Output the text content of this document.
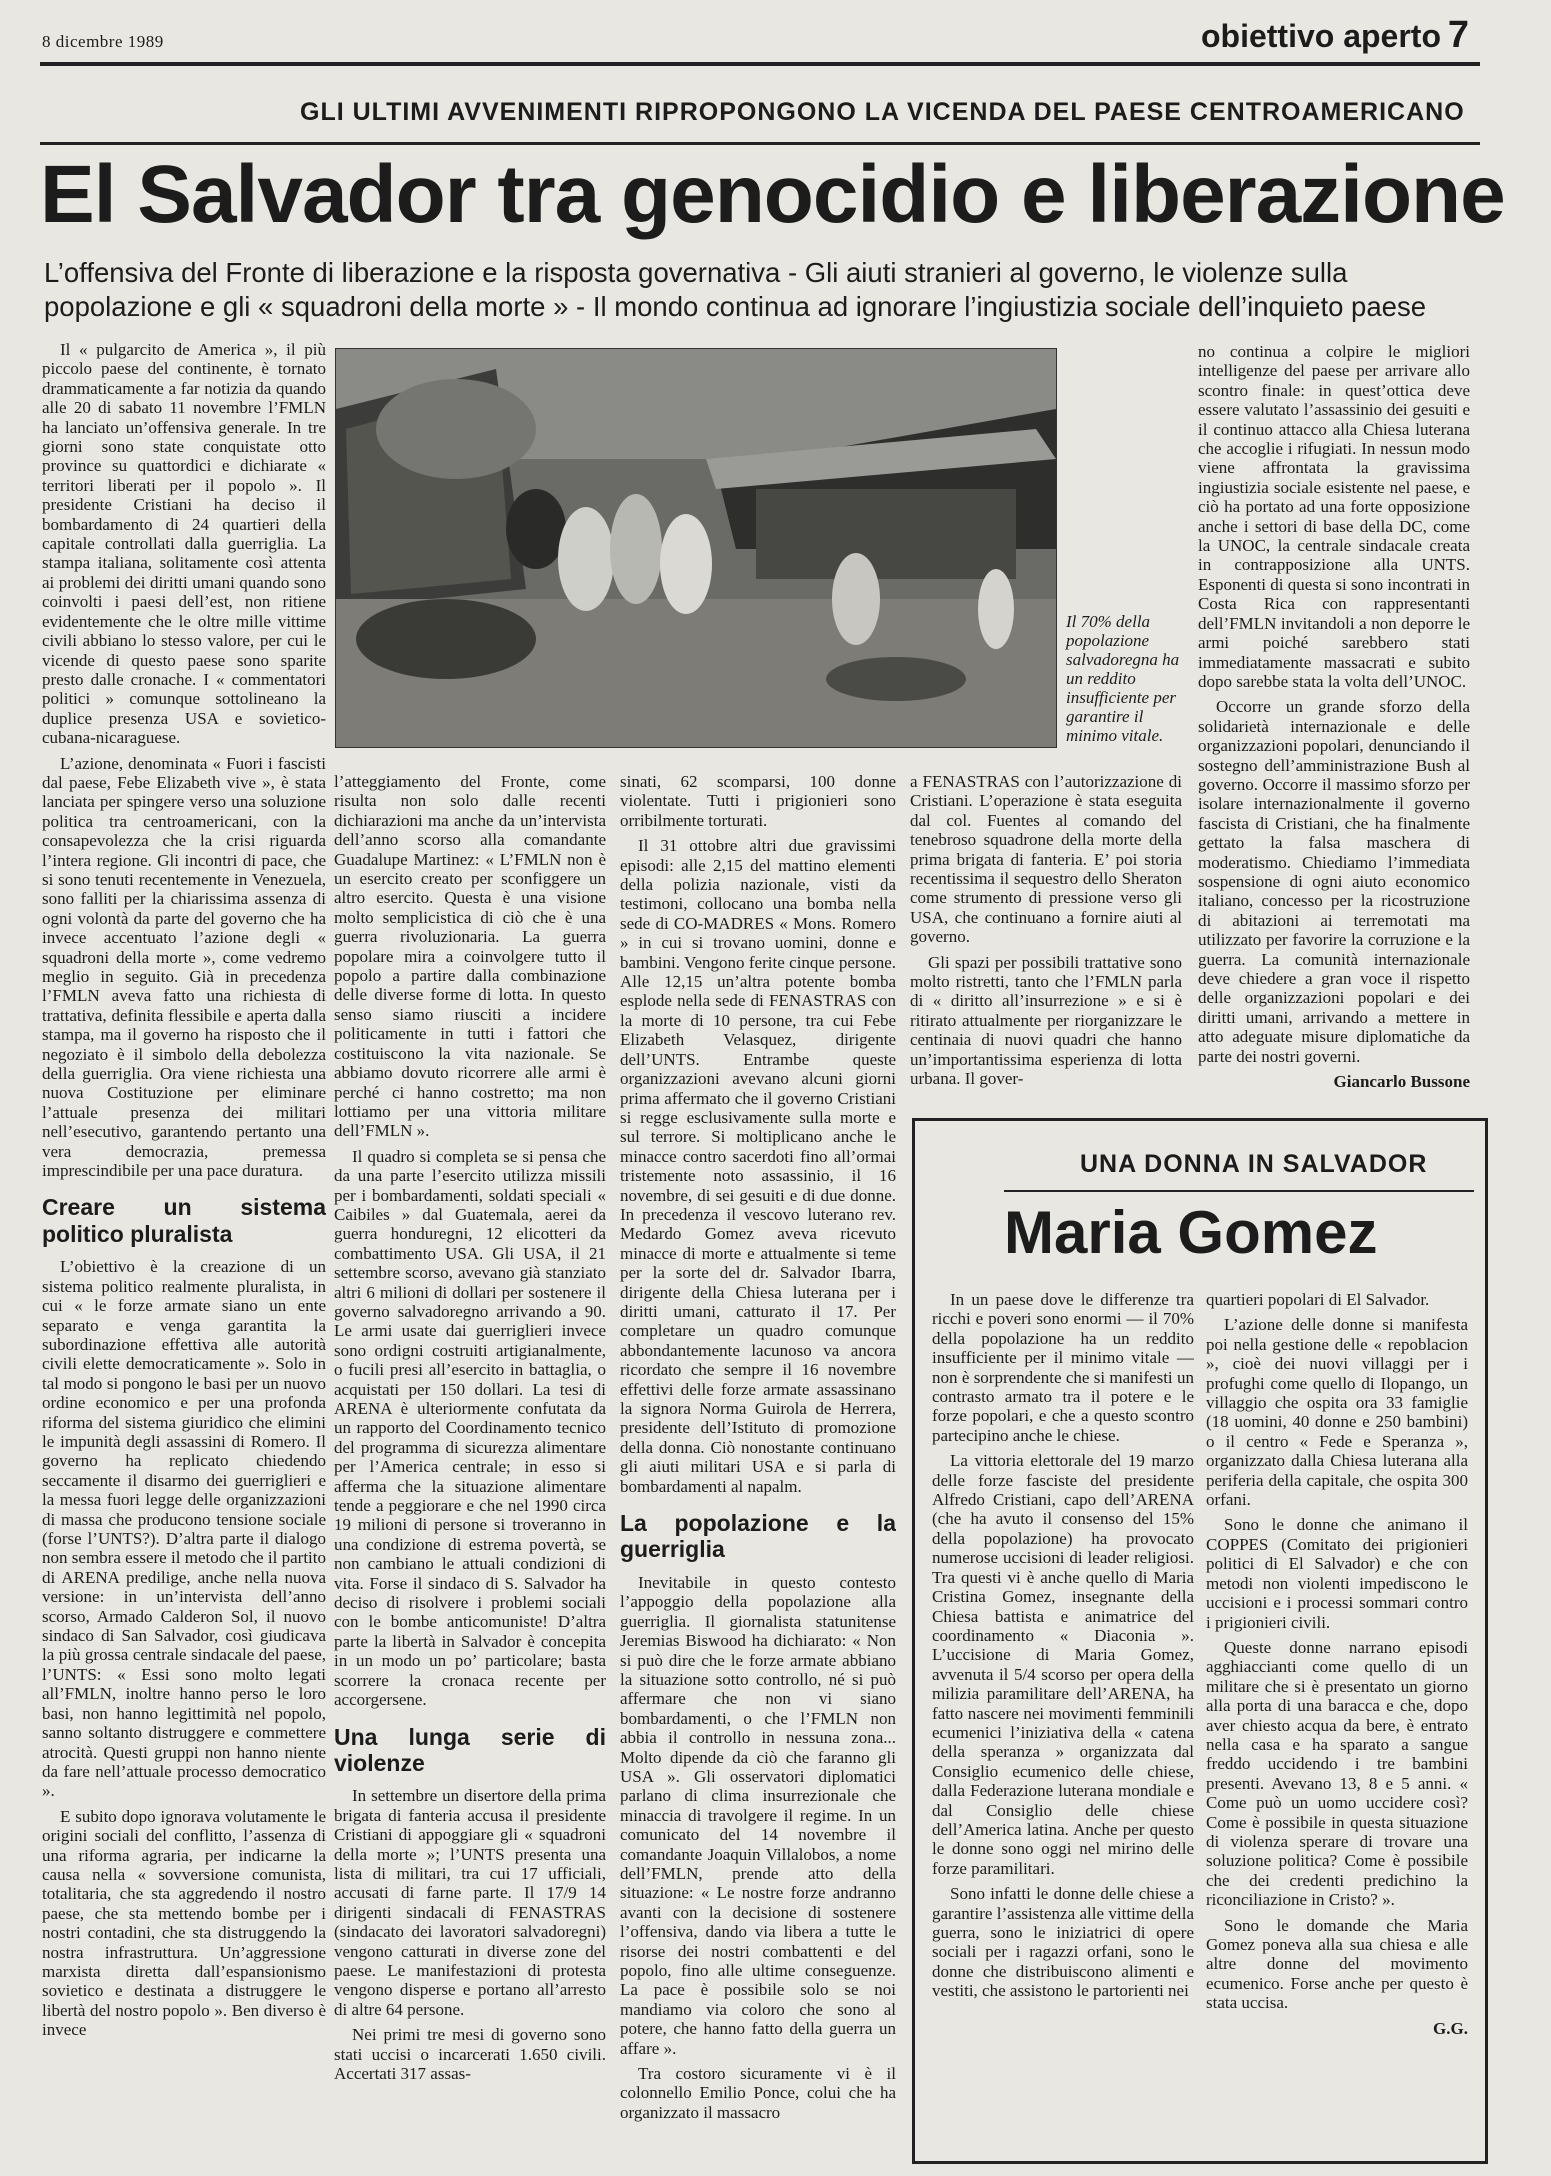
8 dicembre 1989	obiettivo aperto 7
GLI ULTIMI AVVENIMENTI RIPROPONGONO LA VICENDA DEL PAESE CENTROAMERICANO
El Salvador tra genocidio e liberazione
L’offensiva del Fronte di liberazione e la risposta governativa - Gli aiuti stranieri al governo, le violenze sulla popolazione e gli « squadroni della morte » - Il mondo continua ad ignorare l’ingiustizia sociale dell’inquieto paese
Il 70% della popolazione salvadoregna ha un reddito insufficiente per garantire il minimo vitale.

Il « pulgarcito de America », il più piccolo paese del continente, è tornato drammaticamente a far notizia da quando alle 20 di sabato 11 novembre l’FMLN ha lanciato un’offensiva generale. In tre giorni sono state conquistate otto province su quattordici e dichiarate « territori liberati per il popolo ». Il presidente Cristiani ha deciso il bombardamento di 24 quartieri della capitale controllati dalla guerriglia. La stampa italiana, solitamente così attenta ai problemi dei diritti umani quando sono coinvolti i paesi dell’est, non ritiene evidentemente che le oltre mille vittime civili abbiano lo stesso valore, per cui le vicende di questo paese sono sparite presto dalle cronache. I « commentatori politici » comunque sottolineano la duplice presenza USA e sovietico-cubana-nicaraguese.

L’azione, denominata « Fuori i fascisti dal paese, Febe Elizabeth vive », è stata lanciata per spingere verso una soluzione politica tra centroamericani, con la consapevolezza che la crisi riguarda l’intera regione. Gli incontri di pace, che si sono tenuti recentemente in Venezuela, sono falliti per la chiarissima assenza di ogni volontà da parte del governo che ha invece accentuato l’azione degli « squadroni della morte », come vedremo meglio in seguito. Già in precedenza l’FMLN aveva fatto una richiesta di trattativa, definita flessibile e aperta dalla stampa, ma il governo ha risposto che il negoziato è il simbolo della debolezza della guerriglia. Ora viene richiesta una nuova Costituzione per eliminare l’attuale presenza dei militari nell’esecutivo, garantendo pertanto una vera democrazia, premessa imprescindibile per una pace duratura.

Creare un sistema politico pluralista

L’obiettivo è la creazione di un sistema politico realmente pluralista, in cui « le forze armate siano un ente separato e venga garantita la subordinazione effettiva alle autorità civili elette democraticamente ». Solo in tal modo si pongono le basi per un nuovo ordine economico e per una profonda riforma del sistema giuridico che elimini le impunità degli assassini di Romero. Il governo ha replicato chiedendo seccamente il disarmo dei guerriglieri e la messa fuori legge delle organizzazioni di massa che producono tensione sociale (forse l’UNTS?). D’altra parte il dialogo non sembra essere il metodo che il partito di ARENA predilige, anche nella nuova versione: in un’intervista dell’anno scorso, Armado Calderon Sol, il nuovo sindaco di San Salvador, così giudicava la più grossa centrale sindacale del paese, l’UNTS: « Essi sono molto legati all’FMLN, inoltre hanno perso le loro basi, non hanno legittimità nel popolo, sanno soltanto distruggere e commettere atrocità. Questi gruppi non hanno niente da fare nell’attuale processo democratico ».

E subito dopo ignorava volutamente le origini sociali del conflitto, l’assenza di una riforma agraria, per indicarne la causa nella « sovversione comunista, totalitaria, che sta aggredendo il nostro paese, che sta mettendo bombe per i nostri contadini, che sta distruggendo la nostra infrastruttura. Un’aggressione marxista diretta dall’espansionismo sovietico e destinata a distruggere le libertà del nostro popolo ». Ben diverso è invece

l’atteggiamento del Fronte, come risulta non solo dalle recenti dichiarazioni ma anche da un’intervista dell’anno scorso alla comandante Guadalupe Martinez: « L’FMLN non è un esercito creato per sconfiggere un altro esercito. Questa è una visione molto semplicistica di ciò che è una guerra rivoluzionaria. La guerra popolare mira a coinvolgere tutto il popolo a partire dalla combinazione delle diverse forme di lotta. In questo senso siamo riusciti a incidere politicamente in tutti i fattori che costituiscono la vita nazionale. Se abbiamo dovuto ricorrere alle armi è perché ci hanno costretto; ma non lottiamo per una vittoria militare dell’FMLN ».

Il quadro si completa se si pensa che da una parte l’esercito utilizza missili per i bombardamenti, soldati speciali « Caibiles » dal Guatemala, aerei da guerra honduregni, 12 elicotteri da combattimento USA. Gli USA, il 21 settembre scorso, avevano già stanziato altri 6 milioni di dollari per sostenere il governo salvadoregno arrivando a 90. Le armi usate dai guerriglieri invece sono ordigni costruiti artigianalmente, o fucili presi all’esercito in battaglia, o acquistati per 150 dollari. La tesi di ARENA è ulteriormente confutata da un rapporto del Coordinamento tecnico del programma di sicurezza alimentare per l’America centrale; in esso si afferma che la situazione alimentare tende a peggiorare e che nel 1990 circa 19 milioni di persone si troveranno in una condizione di estrema povertà, se non cambiano le attuali condizioni di vita. Forse il sindaco di S. Salvador ha deciso di risolvere i problemi sociali con le bombe anticomuniste! D’altra parte la libertà in Salvador è concepita in un modo un po’ particolare; basta scorrere la cronaca recente per accorgersene.

Una lunga serie di violenze

In settembre un disertore della prima brigata di fanteria accusa il presidente Cristiani di appoggiare gli « squadroni della morte »; l’UNTS presenta una lista di militari, tra cui 17 ufficiali, accusati di farne parte. Il 17/9 14 dirigenti sindacali di FENASTRAS (sindacato dei lavoratori salvadoregni) vengono catturati in diverse zone del paese. Le manifestazioni di protesta vengono disperse e portano all’arresto di altre 64 persone.

Nei primi tre mesi di governo sono stati uccisi o incarcerati 1.650 civili. Accertati 317 assas-

sinati, 62 scomparsi, 100 donne violentate. Tutti i prigionieri sono orribilmente torturati.

Il 31 ottobre altri due gravissimi episodi: alle 2,15 del mattino elementi della polizia nazionale, visti da testimoni, collocano una bomba nella sede di CO-MADRES « Mons. Romero » in cui si trovano uomini, donne e bambini. Vengono ferite cinque persone. Alle 12,15 un’altra potente bomba esplode nella sede di FENASTRAS con la morte di 10 persone, tra cui Febe Elizabeth Velasquez, dirigente dell’UNTS. Entrambe queste organizzazioni avevano alcuni giorni prima affermato che il governo Cristiani si regge esclusivamente sulla morte e sul terrore. Si moltiplicano anche le minacce contro sacerdoti fino all’ormai tristemente noto assassinio, il 16 novembre, di sei gesuiti e di due donne. In precedenza il vescovo luterano rev. Medardo Gomez aveva ricevuto minacce di morte e attualmente si teme per la sorte del dr. Salvador Ibarra, dirigente della Chiesa luterana per i diritti umani, catturato il 17. Per completare un quadro comunque abbondantemente lacunoso va ancora ricordato che sempre il 16 novembre effettivi delle forze armate assassinano la signora Norma Guirola de Herrera, presidente dell’Istituto di promozione della donna. Ciò nonostante continuano gli aiuti militari USA e si parla di bombardamenti al napalm.

La popolazione e la guerriglia

Inevitabile in questo contesto l’appoggio della popolazione alla guerriglia. Il giornalista statunitense Jeremias Biswood ha dichiarato: « Non si può dire che le forze armate abbiano la situazione sotto controllo, né si può affermare che non vi siano bombardamenti, o che l’FMLN non abbia il controllo in nessuna zona... Molto dipende da ciò che faranno gli USA ». Gli osservatori diplomatici parlano di clima insurrezionale che minaccia di travolgere il regime. In un comunicato del 14 novembre il comandante Joaquin Villalobos, a nome dell’FMLN, prende atto della situazione: « Le nostre forze andranno avanti con la decisione di sostenere l’offensiva, dando via libera a tutte le risorse dei nostri combattenti e del popolo, fino alle ultime conseguenze. La pace è possibile solo se noi mandiamo via coloro che sono al potere, che hanno fatto della guerra un affare ».

Tra costoro sicuramente vi è il colonnello Emilio Ponce, colui che ha organizzato il massacro

a FENASTRAS con l’autorizzazione di Cristiani. L’operazione è stata eseguita dal col. Fuentes al comando del tenebroso squadrone della morte della prima brigata di fanteria. E’ poi storia recentissima il sequestro dello Sheraton come strumento di pressione verso gli USA, che continuano a fornire aiuti al governo.

Gli spazi per possibili trattative sono molto ristretti, tanto che l’FMLN parla di « diritto all’insurrezione » e si è ritirato attualmente per riorganizzare le centinaia di nuovi quadri che hanno un’importantissima esperienza di lotta urbana. Il gover-

no continua a colpire le migliori intelligenze del paese per arrivare allo scontro finale: in quest’ottica deve essere valutato l’assassinio dei gesuiti e il continuo attacco alla Chiesa luterana che accoglie i rifugiati. In nessun modo viene affrontata la gravissima ingiustizia sociale esistente nel paese, e ciò ha portato ad una forte opposizione anche i settori di base della DC, come la UNOC, la centrale sindacale creata in contrapposizione alla UNTS. Esponenti di questa si sono incontrati in Costa Rica con rappresentanti dell’FMLN invitandoli a non deporre le armi poiché sarebbero stati immediatamente massacrati e subito dopo sarebbe stata la volta dell’UNOC.

Occorre un grande sforzo della solidarietà internazionale e delle organizzazioni popolari, denunciando il sostegno dell’amministrazione Bush al governo. Occorre il massimo sforzo per isolare internazionalmente il governo fascista di Cristiani, che ha finalmente gettato la falsa maschera di moderatismo. Chiediamo l’immediata sospensione di ogni aiuto economico italiano, concesso per la ricostruzione di abitazioni ai terremotati ma utilizzato per favorire la corruzione e la guerra. La comunità internazionale deve chiedere a gran voce il rispetto delle organizzazioni popolari e dei diritti umani, arrivando a mettere in atto adeguate misure diplomatiche da parte dei nostri governi.

Giancarlo Bussone
UNA DONNA IN SALVADOR
Maria Gomez

In un paese dove le differenze tra ricchi e poveri sono enormi — il 70% della popolazione ha un reddito insufficiente per il minimo vitale — non è sorprendente che si manifesti un contrasto armato tra il potere e le forze popolari, e che a questo scontro partecipino anche le chiese.

La vittoria elettorale del 19 marzo delle forze fasciste del presidente Alfredo Cristiani, capo dell’ARENA (che ha avuto il consenso del 15% della popolazione) ha provocato numerose uccisioni di leader religiosi. Tra questi vi è anche quello di Maria Cristina Gomez, insegnante della Chiesa battista e animatrice del coordinamento « Diaconia ». L’uccisione di Maria Gomez, avvenuta il 5/4 scorso per opera della milizia paramilitare dell’ARENA, ha fatto nascere nei movimenti femminili ecumenici l’iniziativa della « catena della speranza » organizzata dal Consiglio ecumenico delle chiese, dalla Federazione luterana mondiale e dal Consiglio delle chiese dell’America latina. Anche per questo le donne sono oggi nel mirino delle forze paramilitari.

Sono infatti le donne delle chiese a garantire l’assistenza alle vittime della guerra, sono le iniziatrici di opere sociali per i ragazzi orfani, sono le donne che distribuiscono alimenti e vestiti, che assistono le partorienti nei

quartieri popolari di El Salvador.

L’azione delle donne si manifesta poi nella gestione delle « repoblacion », cioè dei nuovi villaggi per i profughi come quello di Ilopango, un villaggio che ospita ora 33 famiglie (18 uomini, 40 donne e 250 bambini) o il centro « Fede e Speranza », organizzato dalla Chiesa luterana alla periferia della capitale, che ospita 300 orfani.

Sono le donne che animano il COPPES (Comitato dei prigionieri politici di El Salvador) e che con metodi non violenti impediscono le uccisioni e i processi sommari contro i prigionieri civili.

Queste donne narrano episodi agghiaccianti come quello di un militare che si è presentato un giorno alla porta di una baracca e che, dopo aver chiesto acqua da bere, è entrato nella casa e ha sparato a sangue freddo uccidendo i tre bambini presenti. Avevano 13, 8 e 5 anni. « Come può un uomo uccidere così? Come è possibile in questa situazione di violenza sperare di trovare una soluzione politica? Come è possibile che dei credenti predichino la riconciliazione in Cristo? ».

Sono le domande che Maria Gomez poneva alla sua chiesa e alle altre donne del movimento ecumenico. Forse anche per questo è stata uccisa.

G.G.
